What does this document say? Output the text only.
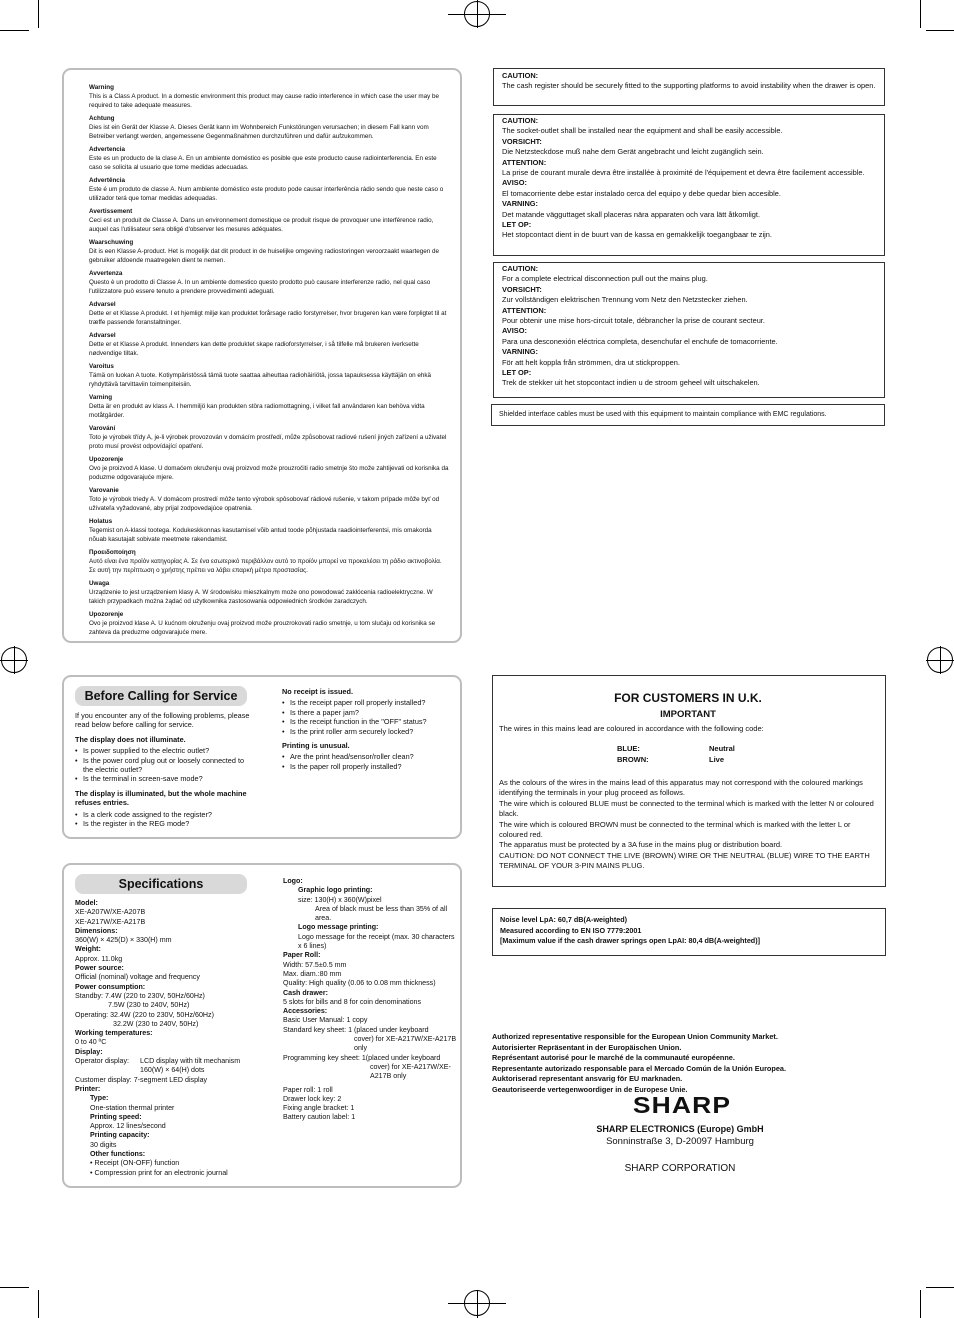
Warning
This is a Class A product. In a domestic environment this product may cause radio interference in which case the user may be required to take adequate measures.
Achtung
Dies ist ein Gerät der Klasse A. Dieses Gerät kann im Wohnbereich Funkstörungen verursachen; in diesem Fall kann vom Betreiber verlangt werden, angemessene Gegenmaßnahmen durchzuführen und dafür aufzukommen.
Advertencia
Este es un producto de la clase A. En un ambiente doméstico es posible que este producto cause radiointerferencia. En este caso se solicita al usuario que tome medidas adecuadas.
Advertência
Este é um produto de classe A. Num ambiente doméstico este produto pode causar interferência rádio sendo que neste caso o utilizador terá que tomar medidas adequadas.
Avertissement
Ceci est un produit de Classe A. Dans un environnement domestique ce produit risque de provoquer une interférence radio, auquel cas l'utilisateur sera obligé d'observer les mesures adéquates.
Waarschuwing
Dit is een Klasse A-product. Het is mogelijk dat dit product in de huiselijke omgeving radiostoringen veroorzaakt waartegen de gebruiker afdoende maatregelen dient te nemen.
Avvertenza
Questo è un prodotto di Classe A. In un ambiente domestico questo prodotto può causare interferenze radio, nel qual caso l'utilizzatore può essere tenuto a prendere provvedimenti adeguati.
Advarsel
Dette er et Klasse A produkt. I et hjemligt miljø kan produktet forårsage radio forstyrrelser, hvor brugeren kan være forpligtet til at træffe passende foranstaltninger.
Advarsel
Dette er et Klasse A produkt. Innendørs kan dette produktet skape radioforstyrrelser, i så tilfelle må brukeren iverksette nødvendige tiltak.
Varoitus
Tämä on luokan A tuote. Kotiympäristössä tämä tuote saattaa aiheuttaa radiohäiriötä, jossa tapauksessa käyttäjän on ehkä ryhdyttävä tarvittaviin toimenpiteisiin.
Varning
Detta är en produkt av klass A. I hemmiljö kan produkten störa radiomottagning, i vilket fall användaren kan behöva vidta motåtgärder.
Varování
Toto je výrobek třídy A, je-li výrobek provozován v domácím prostředí, může způsobovat radiové rušení jiných zařízení a uživatel proto musí provést odpovídající opatření.
Upozorenje
Ovo je proizvod A klase. U domaćem okruženju ovaj proizvod može prouzročiti radio smetnje što može zahtijevati od korisnika da poduzme odgovarajuće mjere.
Varovanie
Toto je výrobok triedy A. V domácom prostredí môže tento výrobok spôsobovať rádiové rušenie, v takom prípade môže byť od užívateľa vyžadované, aby prijal zodpovedajúce opatrenia.
Holatus
Tegemist on A-klassi tootega. Kodukeskkonnas kasutamisel võib antud toode põhjustada raadiointerferentsi, mis omakorda nõuab kasutajalt sobivate meetmete rakendamist.
Προειδοποίηση
Αυτό είναι ένα προϊόν κατηγορίας Α. Σε ένα εσωτερικό περιβάλλον αυτό το προϊόν μπορεί να προκαλέσει τη ράδιο ακτινοβολία. Σε αυτή την περίπτωση ο χρήστης πρέπει να λάβει επαρκή μέτρα προστασίας.
Uwaga
Urządzenie to jest urządzeniem klasy A. W środowisku mieszkalnym może ono powodować zakłócenia radioelektryczne. W takich przypadkach można żądać od użytkownika zastosowania odpowiednich środków zaradczych.
Upozorenje
Ovo je proizvod klase A. U kućnom okruženju ovaj proizvod može prouzrokovati radio smetnje, u tom slučaju od korisnika se zahteva da preduzme odgovarajuće mere.
CAUTION:
The cash register should be securely fitted to the supporting platforms to avoid instability when the drawer is open.
CAUTION:
The socket-outlet shall be installed near the equipment and shall be easily accessible.
VORSICHT:
Die Netzsteckdose muß nahe dem Gerät angebracht und leicht zugänglich sein.
ATTENTION:
La prise de courant murale devra être installée à proximité de l'équipement et devra être facilement accessible.
AVISO:
El tomacorriente debe estar instalado cerca del equipo y debe quedar bien accesible.
VARNING:
Det matande vägguttaget skall placeras nära apparaten och vara lätt åtkomligt.
LET OP:
Het stopcontact dient in de buurt van de kassa en gemakkelijk toegangbaar te zijn.
CAUTION:
For a complete electrical disconnection pull out the mains plug.
VORSICHT:
Zur vollständigen elektrischen Trennung vom Netz den Netzstecker ziehen.
ATTENTION:
Pour obtenir une mise hors-circuit totale, débrancher la prise de courant secteur.
AVISO:
Para una desconexión eléctrica completa, desenchufar el enchufe de tomacorriente.
VARNING:
För att helt koppla från strömmen, dra ut stickproppen.
LET OP:
Trek de stekker uit het stopcontact indien u de stroom geheel wilt uitschakelen.
Shielded interface cables must be used with this equipment to maintain compliance with EMC regulations.
Before Calling for Service
If you encounter any of the following problems, please read below before calling for service.
The display does not illuminate.
• Is power supplied to the electric outlet?
• Is the power cord plug out or loosely connected to the electric outlet?
• Is the terminal in screen-save mode?
The display is illuminated, but the whole machine refuses entries.
• Is a clerk code assigned to the register?
• Is the register in the REG mode?
No receipt is issued.
• Is the receipt paper roll properly installed?
• Is there a paper jam?
• Is the receipt function in the "OFF" status?
• Is the print roller arm securely locked?
Printing is unusual.
• Are the print head/sensor/roller clean?
• Is the paper roll properly installed?
Specifications
Model:
XE-A207W/XE-A207B
XE-A217W/XE-A217B
Dimensions:
360(W) × 425(D) × 330(H) mm
Weight:
Approx. 11.0kg
Power source:
Official (nominal) voltage and frequency
Power consumption:
Standby: 7.4W (220 to 230V, 50Hz/60Hz)
7.5W (230 to 240V, 50Hz)
Operating: 32.4W (220 to 230V, 50Hz/60Hz)
32.2W (230 to 240V, 50Hz)
Working temperatures:
0 to 40 ºC
Display:
Operator display:	LCD display with tilt mechanism
160(W) × 64(H) dots
Customer display: 7-segment LED display
Printer:
Type:
One-station thermal printer
Printing speed:
Approx. 12 lines/second
Printing capacity:
30 digits
Other functions:
• Receipt (ON-OFF) function
• Compression print for an electronic journal
Logo:
Graphic logo printing:
size: 130(H) x 360(W)pixel
Area of black must be less than 35% of all area.
Logo message printing:
Logo message for the receipt (max. 30 characters x 6 lines)
Paper Roll:
Width: 57.5±0.5 mm
Max. diam.:80 mm
Quality: High quality (0.06 to 0.08 mm thickness)
Cash drawer:
5 slots for bills and 8 for coin denominations
Accessories:
Basic User Manual: 1 copy
Standard key sheet: 1 (placed under keyboard
cover) for XE-A217W/XE-A217B only
Programming key sheet: 1(placed under keyboard
cover) for XE-A217W/XE-A217B only
Paper roll: 1 roll
Drawer lock key: 2
Fixing angle bracket: 1
Battery caution label: 1
FOR CUSTOMERS IN U.K.
IMPORTANT
The wires in this mains lead are coloured in accordance with the following code:
BLUE:	Neutral
BROWN:	Live
As the colours of the wires in the mains lead of this apparatus may not correspond with the coloured markings identifying the terminals in your plug proceed as follows.
The wire which is coloured BLUE must be connected to the terminal which is marked with the letter N or coloured black.
The wire which is coloured BROWN must be connected to the terminal which is marked with the letter L or coloured red.
The apparatus must be protected by a 3A fuse in the mains plug or distribution board.
CAUTION: DO NOT CONNECT THE LIVE (BROWN) WIRE OR THE NEUTRAL (BLUE) WIRE TO THE EARTH TERMINAL OF YOUR 3-PIN MAINS PLUG.
Noise level LpA: 60,7 dB(A-weighted)
Measured according to EN ISO 7779:2001
[Maximum value if the cash drawer springs open LpAI: 80,4 dB(A-weighted)]
Authorized representative responsible for the European Union Community Market.
Autorisierter Repräsentant in der Europäischen Union.
Représentant autorisé pour le marché de la communauté européenne.
Representante autorizado responsable para el Mercado Común de la Unión Europea.
Auktoriserad representant ansvarig för EU marknaden.
Geautoriseerde vertegenwoordiger in de Europese Unie.
SHARP
SHARP ELECTRONICS (Europe) GmbH
Sonninstraße 3, D-20097 Hamburg
SHARP CORPORATION
